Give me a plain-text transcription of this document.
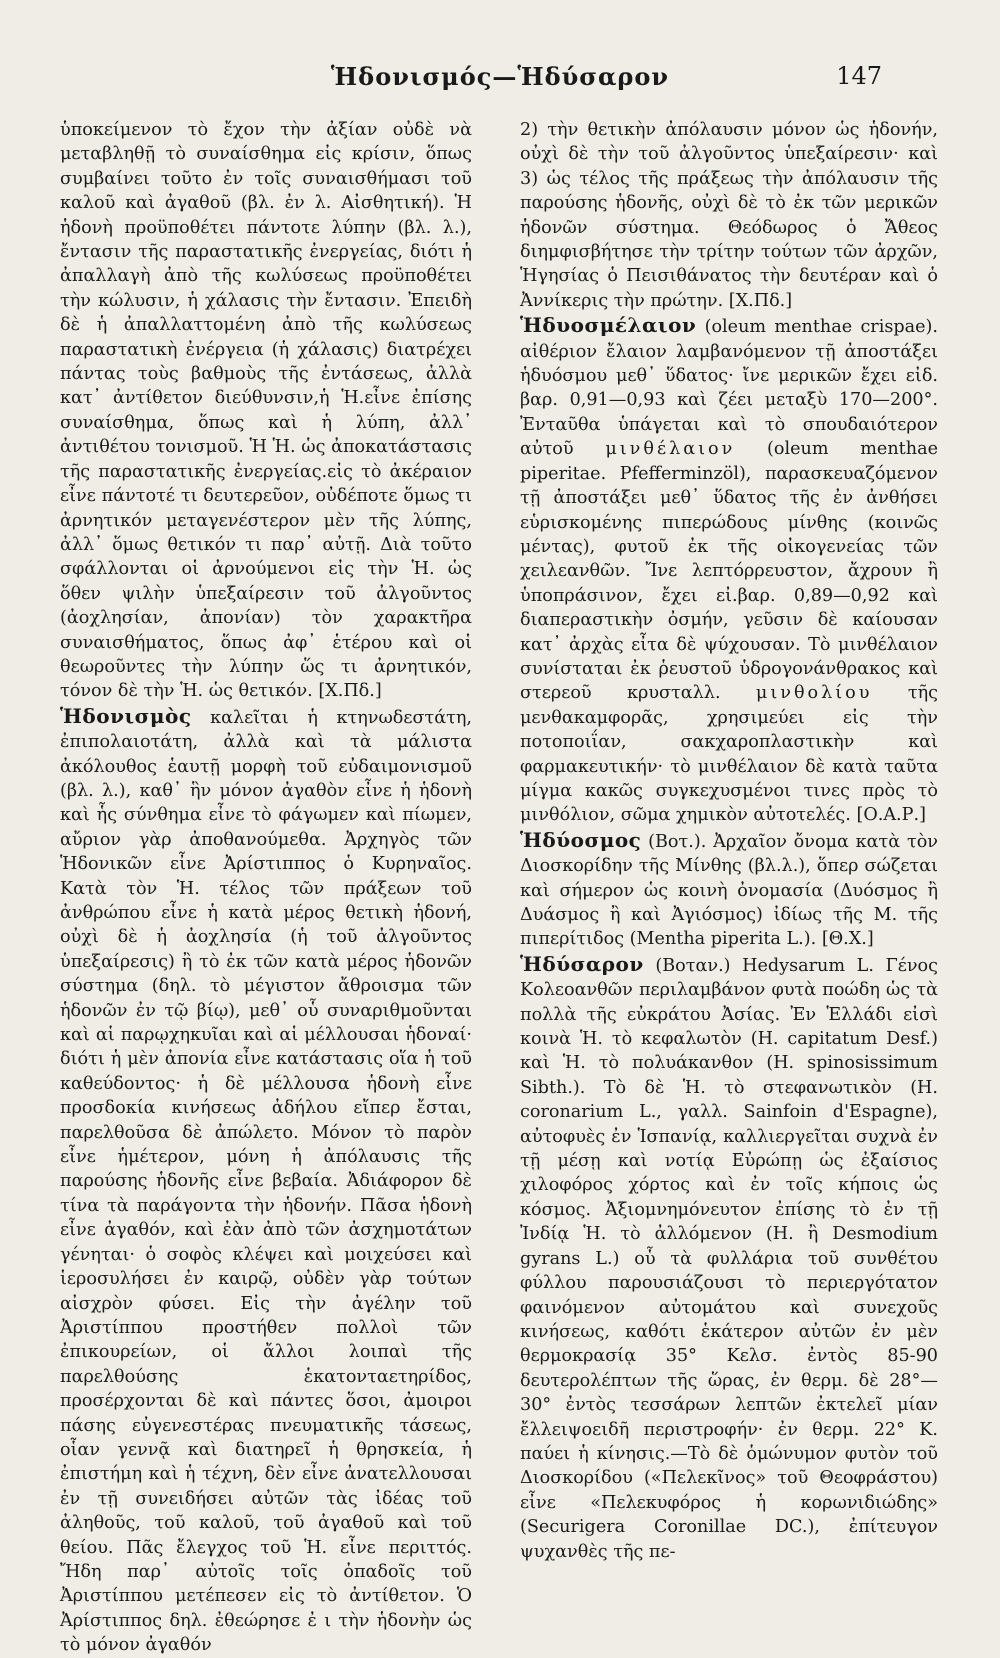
Ἡδονισμός—Ἡδύσαρον	147

ὑποκείμενον τὸ ἔχον τὴν ἀξίαν οὐδὲ νὰ μεταβληθῇ τὸ συναίσθημα εἰς κρίσιν, ὅπως συμβαίνει τοῦτο ἐν τοῖς συναισθήμασι τοῦ καλοῦ καὶ ἀγαθοῦ (βλ. ἐν λ. Αἰσθητική). Ἡ ἡδονὴ προϋποθέτει πάντοτε λύπην (βλ. λ.), ἔντασιν τῆς παραστατικῆς ἐνεργείας, διότι ἡ ἀπαλλαγὴ ἀπὸ τῆς κωλύσεως προϋποθέτει τὴν κώλυσιν, ἡ χάλασις τὴν ἔντασιν. Ἐπειδὴ δὲ ἡ ἀπαλλαττομένη ἀπὸ τῆς κωλύσεως παραστατικὴ ἐνέργεια (ἡ χάλασις) διατρέχει πάντας τοὺς βαθμοὺς τῆς ἐντάσεως, ἀλλὰ κατ᾽ ἀντίθετον διεύθυνσιν,ἡ Ἡ.εἶνε ἐπίσης συναίσθημα, ὅπως καὶ ἡ λύπη, ἀλλ᾽ ἀντιθέτου τονισμοῦ. Ἡ Ἡ. ὡς ἀποκατάστασις τῆς παραστατικῆς ἐνεργείας.εἰς τὸ ἀκέραιον εἶνε πάντοτέ τι δευτερεῦον, οὐδέποτε ὅμως τι ἀρνητικόν μεταγενέστερον μὲν τῆς λύπης, ἀλλ᾽ ὅμως θετικόν τι παρ᾽ αὐτῇ. Διὰ τοῦτο σφάλλονται οἱ ἀρνούμενοι εἰς τὴν Ἡ. ὡς ὅθεν ψιλὴν ὑπεξαίρεσιν τοῦ ἀλγοῦντος (ἀοχλησίαν, ἀπονίαν) τὸν χαρακτῆρα συναισθήματος, ὅπως ἀφ᾽ ἑτέρου καὶ οἱ θεωροῦντες τὴν λύπην ὥς τι ἀρνητικόν, τόνον δὲ τὴν Ἡ. ὡς θετικόν. [Χ.Πδ.]

Ἡδονισμὸς καλεῖται ἡ κτηνωδεστάτη, ἐπιπολαιοτάτη, ἀλλὰ καὶ τὰ μάλιστα ἀκόλουθος ἑαυτῇ μορφὴ τοῦ εὐδαιμονισμοῦ (βλ. λ.), καθ᾽ ἣν μόνον ἀγαθὸν εἶνε ἡ ἡδονὴ καὶ ἧς σύνθημα εἶνε τὸ φάγωμεν καὶ πίωμεν, αὔριον γὰρ ἀποθανούμεθα. Ἀρχηγὸς τῶν Ἡδονικῶν εἶνε Ἀρίστιππος ὁ Κυρηναῖος. Κατὰ τὸν Ἡ. τέλος τῶν πράξεων τοῦ ἀνθρώπου εἶνε ἡ κατὰ μέρος θετικὴ ἡδονή, οὐχὶ δὲ ἡ ἀοχλησία (ἡ τοῦ ἀλγοῦντος ὑπεξαίρεσις) ἢ τὸ ἐκ τῶν κατὰ μέρος ἡδονῶν σύστημα (δηλ. τὸ μέγιστον ἄθροισμα τῶν ἡδονῶν ἐν τῷ βίῳ), μεθ᾽ οὗ συναριθμοῦνται καὶ αἱ παρῳχηκυῖαι καὶ αἱ μέλλουσαι ἡδοναί· διότι ἡ μὲν ἀπονία εἶνε κατάστασις οἵα ἡ τοῦ καθεύδοντος· ἡ δὲ μέλλουσα ἡδονὴ εἶνε προσδοκία κινήσεως ἀδήλου εἴπερ ἔσται, παρελθοῦσα δὲ ἀπώλετο. Μόνον τὸ παρὸν εἶνε ἡμέτερον, μόνη ἡ ἀπόλαυσις τῆς παρούσης ἡδονῆς εἶνε βεβαία. Ἀδιάφορον δὲ τίνα τὰ παράγοντα τὴν ἡδονήν. Πᾶσα ἡδονὴ εἶνε ἀγαθόν, καὶ ἐὰν ἀπὸ τῶν ἀσχημοτάτων γένηται· ὁ σοφὸς κλέψει καὶ μοιχεύσει καὶ ἱεροσυλήσει ἐν καιρῷ, οὐδὲν γὰρ τούτων αἰσχρὸν φύσει. Εἰς τὴν ἀγέλην τοῦ Ἀριστίππου προστήθεν πολλοὶ τῶν ἐπικουρείων, οἱ ἄλλοι λοιπαὶ τῆς παρελθούσης ἑκατονταετηρίδος, προσέρχονται δὲ καὶ πάντες ὅσοι, ἀμοιροι πάσης εὐγενεστέρας πνευματικῆς τάσεως, οἷαν γεννᾷ καὶ διατηρεῖ ἡ θρησκεία, ἡ ἐπιστήμη καὶ ἡ τέχνη, δὲν εἶνε ἀνατελλουσαι ἐν τῇ συνειδήσει αὐτῶν τὰς ἰδέας τοῦ ἀληθοῦς, τοῦ καλοῦ, τοῦ ἀγαθοῦ καὶ τοῦ θείου. Πᾶς ἔλεγχος τοῦ Ἡ. εἶνε περιττός. Ἤδη παρ᾽ αὐτοῖς τοῖς ὀπαδοῖς τοῦ Ἀριστίππου μετέπεσεν εἰς τὸ ἀντίθετον. Ὁ Ἀρίστιππος δηλ. ἐθεώρησε ἐ ι τὴν ἡδονὴν ὡς τὸ μόνον ἀγαθόν

2) τὴν θετικὴν ἀπόλαυσιν μόνον ὡς ἡδονήν, οὐχὶ δὲ τὴν τοῦ ἀλγοῦντος ὑπεξαίρεσιν· καὶ 3) ὡς τέλος τῆς πράξεως τὴν ἀπόλαυσιν τῆς παρούσης ἡδονῆς, οὐχὶ δὲ τὸ ἐκ τῶν μερικῶν ἡδονῶν σύστημα. Θεόδωρος ὁ Ἄθεος διημφισβήτησε τὴν τρίτην τούτων τῶν ἀρχῶν, Ἡγησίας ὁ Πεισιθάνατος τὴν δευτέραν καὶ ὁ Ἀννίκερις τὴν πρώτην. [Χ.Πδ.]

Ἡδυοσμέλαιον (oleum menthae crispae). αἰθέριον ἔλαιον λαμβανόμενον τῇ ἀποστάξει ἡδυόσμου μεθ᾽ ὕδατος· ἴνε μερικῶν ἔχει εἰδ. βαρ. 0,91—0,93 καὶ ζέει μεταξὺ 170—200°. Ἐνταῦθα ὑπάγεται καὶ τὸ σπουδαιότερον αὐτοῦ μινθέλαιον (oleum menthae piperitae. Pfefferminzöl), παρασκευαζόμενον τῇ ἀποστάξει μεθ᾽ ὕδατος τῆς ἐν ἀνθήσει εὑρισκομένης πιπερώδους μίνθης (κοινῶς μέντας), φυτοῦ ἐκ τῆς οἰκογενείας τῶν χειλεανθῶν. Ἴνε λεπτόρρευστον, ἄχρουν ἢ ὑποπράσινον, ἔχει εἰ.βαρ. 0,89—0,92 καὶ διαπεραστικὴν ὀσμήν, γεῦσιν δὲ καίουσαν κατ᾽ ἀρχὰς εἶτα δὲ ψύχουσαν. Τὸ μινθέλαιον συνίσταται ἐκ ῥευστοῦ ὑδρογονάνθρακος καὶ στερεοῦ κρυσταλλ. μινθολίου τῆς μενθακαμφορᾶς, χρησιμεύει εἰς τὴν ποτοποιΐαν, σακχαροπλαστικὴν καὶ φαρμακευτικήν· τὸ μινθέλαιον δὲ κατὰ ταῦτα μίγμα κακῶς συγκεχυσμένοι τινες πρὸς τὸ μινθόλιον, σῶμα χημικὸν αὐτοτελές. [Ο.Α.Ρ.]

Ἡδύοσμος (Βοτ.). Ἀρχαῖον ὄνομα κατὰ τὸν Διοσκορίδην τῆς Μίνθης (βλ.λ.), ὅπερ σώζεται καὶ σήμερον ὡς κοινὴ ὀνομασία (Δυόσμος ἢ Δυάσμος ἢ καὶ Ἀγιόσμος) ἰδίως τῆς Μ. τῆς πιπερίτιδος (Mentha piperita L.). [Θ.Χ.]

Ἡδύσαρον (Βοταν.) Hedysarum L. Γένος Κολεοανθῶν περιλαμβάνον φυτὰ ποώδη ὡς τὰ πολλὰ τῆς εὐκράτου Ἀσίας. Ἐν Ἑλλάδι εἰσὶ κοινὰ Ἡ. τὸ κεφαλωτὸν (H. capitatum Desf.) καὶ Ἡ. τὸ πολυάκανθον (H. spinosissimum Sibth.). Τὸ δὲ Ἡ. τὸ στεφανωτικὸν (H. coronarium L., γαλλ. Sainfoin d'Espagne), αὐτοφυὲς ἐν Ἱσπανίᾳ, καλλιεργεῖται συχνὰ ἐν τῇ μέσῃ καὶ νοτίᾳ Εὐρώπῃ ὡς ἐξαίσιος χιλοφόρος χόρτος καὶ ἐν τοῖς κήποις ὡς κόσμος. Ἀξιομνημόνευτον ἐπίσης τὸ ἐν τῇ Ἰνδίᾳ Ἡ. τὸ ἀλλόμενον (H. ἢ Desmodium gyrans L.) οὗ τὰ φυλλάρια τοῦ συνθέτου φύλλου παρουσιάζουσι τὸ περιεργότατον φαινόμενον αὐτομάτου καὶ συνεχοῦς κινήσεως, καθότι ἑκάτερον αὐτῶν ἐν μὲν θερμοκρασίᾳ 35° Κελσ. ἐντὸς 85-90 δευτερολέπτων τῆς ὥρας, ἐν θερμ. δὲ 28°—30° ἐντὸς τεσσάρων λεπτῶν ἐκτελεῖ μίαν ἔλλειψοειδῆ περιστροφήν· ἐν θερμ. 22° Κ. παύει ἡ κίνησις.—Τὸ δὲ ὁμώνυμον φυτὸν τοῦ Διοσκορίδου («Πελεκῖνος» τοῦ Θεοφράστου) εἶνε «Πελεκυφόρος ἡ κορωνιδιώδης» (Securigera Coronillae DC.), ἐπίτευγον ψυχανθὲς τῆς πε-
